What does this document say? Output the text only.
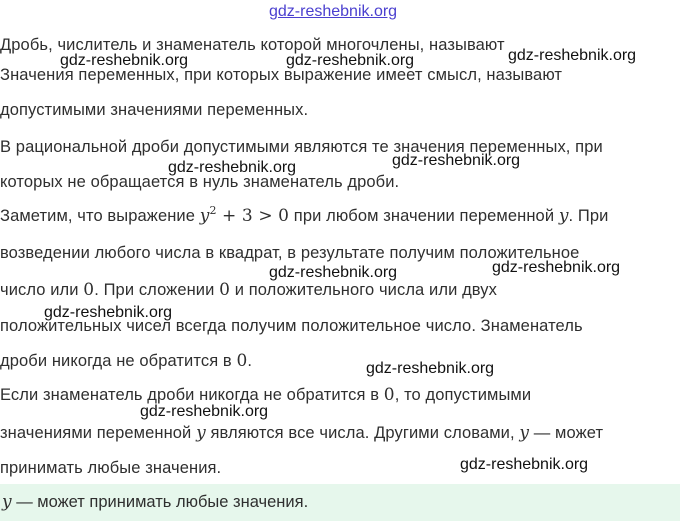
gdz-reshebnik.org
Дробь, числитель и знаменатель которой многочлены, называют
Значения переменных, при которых выражение имеет смысл, называют
допустимыми значениями переменных.
В рациональной дроби допустимыми являются те значения переменных, при
которых не обращается в нуль знаменатель дроби.
Заметим, что выражение $y^2 + 3 > 0$ при любом значении переменной y. При
возведении любого числа в квадрат, в результате получим положительное
число или 0. При сложении 0 и положительного числа или двух
положительных чисел всегда получим положительное число. Знаменатель
дроби никогда не обратится в 0.
Если знаменатель дроби никогда не обратится в 0, то допустимыми
значениями переменной y являются все числа. Другими словами, y — может
принимать любые значения.
y — может принимать любые значения.
gdz-reshebnik.org	gdz-reshebnik.org	gdz-reshebnik.org
gdz-reshebnik.org	gdz-reshebnik.org
gdz-reshebnik.org	gdz-reshebnik.org
gdz-reshebnik.org
gdz-reshebnik.org
gdz-reshebnik.org
gdz-reshebnik.org
